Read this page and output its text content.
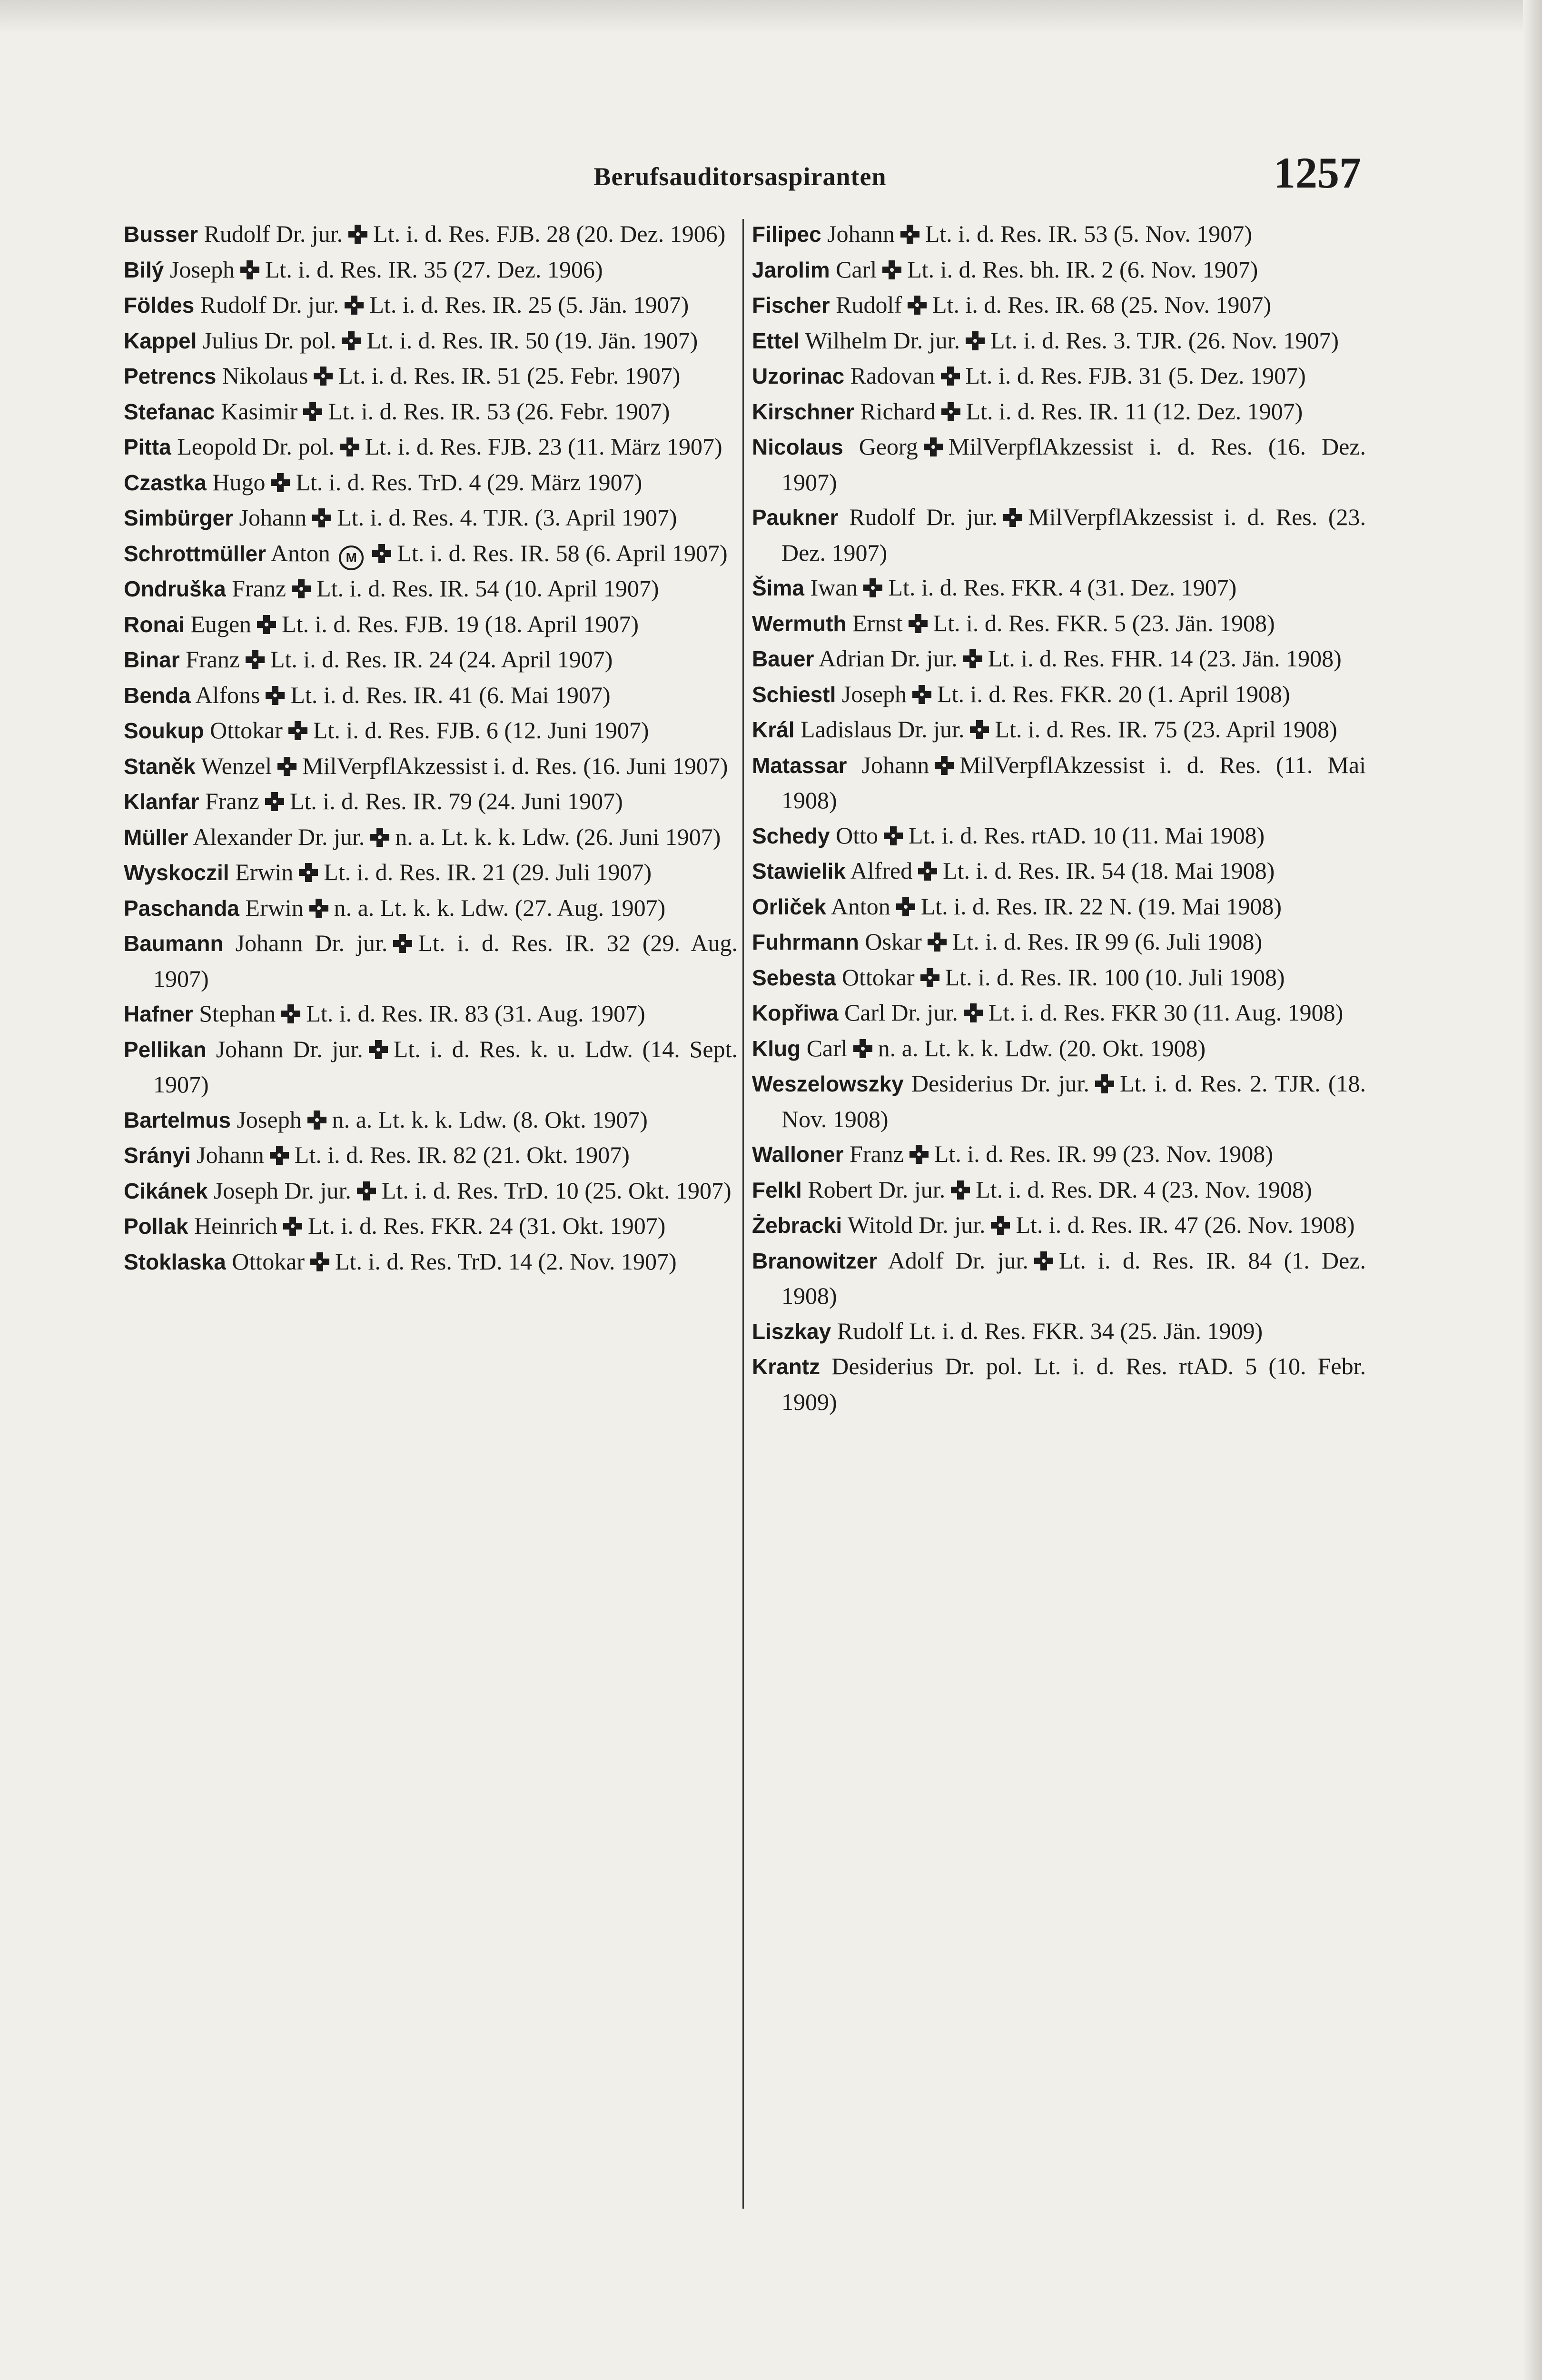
Berufsauditorsaspiranten	1257

Busser Rudolf Dr. jur. Lt. i. d. Res. FJB. 28 (20. Dez. 1906)

Bilý Joseph Lt. i. d. Res. IR. 35 (27. Dez. 1906)

Földes Rudolf Dr. jur. Lt. i. d. Res. IR. 25 (5. Jän. 1907)

Kappel Julius Dr. pol. Lt. i. d. Res. IR. 50 (19. Jän. 1907)

Petrencs Nikolaus Lt. i. d. Res. IR. 51 (25. Febr. 1907)

Stefanac Kasimir Lt. i. d. Res. IR. 53 (26. Febr. 1907)

Pitta Leopold Dr. pol. Lt. i. d. Res. FJB. 23 (11. März 1907)

Czastka Hugo Lt. i. d. Res. TrD. 4 (29. März 1907)

Simbürger Johann Lt. i. d. Res. 4. TJR. (3. April 1907)

Schrottmüller Anton M Lt. i. d. Res. IR. 58 (6. April 1907)

Ondruška Franz Lt. i. d. Res. IR. 54 (10. April 1907)

Ronai Eugen Lt. i. d. Res. FJB. 19 (18. April 1907)

Binar Franz Lt. i. d. Res. IR. 24 (24. April 1907)

Benda Alfons Lt. i. d. Res. IR. 41 (6. Mai 1907)

Soukup Ottokar Lt. i. d. Res. FJB. 6 (12. Juni 1907)

Staněk Wenzel MilVerpflAkzessist i. d. Res. (16. Juni 1907)

Klanfar Franz Lt. i. d. Res. IR. 79 (24. Juni 1907)

Müller Alexander Dr. jur. n. a. Lt. k. k. Ldw. (26. Juni 1907)

Wyskoczil Erwin Lt. i. d. Res. IR. 21 (29. Juli 1907)

Paschanda Erwin n. a. Lt. k. k. Ldw. (27. Aug. 1907)

Baumann Johann Dr. jur. Lt. i. d. Res. IR. 32 (29. Aug. 1907)

Hafner Stephan Lt. i. d. Res. IR. 83 (31. Aug. 1907)

Pellikan Johann Dr. jur. Lt. i. d. Res. k. u. Ldw. (14. Sept. 1907)

Bartelmus Joseph n. a. Lt. k. k. Ldw. (8. Okt. 1907)

Srányi Johann Lt. i. d. Res. IR. 82 (21. Okt. 1907)

Cikánek Joseph Dr. jur. Lt. i. d. Res. TrD. 10 (25. Okt. 1907)

Pollak Heinrich Lt. i. d. Res. FKR. 24 (31. Okt. 1907)

Stoklaska Ottokar Lt. i. d. Res. TrD. 14 (2. Nov. 1907)

Filipec Johann Lt. i. d. Res. IR. 53 (5. Nov. 1907)

Jarolim Carl Lt. i. d. Res. bh. IR. 2 (6. Nov. 1907)

Fischer Rudolf Lt. i. d. Res. IR. 68 (25. Nov. 1907)

Ettel Wilhelm Dr. jur. Lt. i. d. Res. 3. TJR. (26. Nov. 1907)

Uzorinac Radovan Lt. i. d. Res. FJB. 31 (5. Dez. 1907)

Kirschner Richard Lt. i. d. Res. IR. 11 (12. Dez. 1907)

Nicolaus Georg MilVerpflAkzessist i. d. Res. (16. Dez. 1907)

Paukner Rudolf Dr. jur. MilVerpflAkzessist i. d. Res. (23. Dez. 1907)

Šima Iwan Lt. i. d. Res. FKR. 4 (31. Dez. 1907)

Wermuth Ernst Lt. i. d. Res. FKR. 5 (23. Jän. 1908)

Bauer Adrian Dr. jur. Lt. i. d. Res. FHR. 14 (23. Jän. 1908)

Schiestl Joseph Lt. i. d. Res. FKR. 20 (1. April 1908)

Král Ladislaus Dr. jur. Lt. i. d. Res. IR. 75 (23. April 1908)

Matassar Johann MilVerpflAkzessist i. d. Res. (11. Mai 1908)

Schedy Otto Lt. i. d. Res. rtAD. 10 (11. Mai 1908)

Stawielik Alfred Lt. i. d. Res. IR. 54 (18. Mai 1908)

Orliček Anton Lt. i. d. Res. IR. 22 N. (19. Mai 1908)

Fuhrmann Oskar Lt. i. d. Res. IR 99 (6. Juli 1908)

Sebesta Ottokar Lt. i. d. Res. IR. 100 (10. Juli 1908)

Kopřiwa Carl Dr. jur. Lt. i. d. Res. FKR 30 (11. Aug. 1908)

Klug Carl n. a. Lt. k. k. Ldw. (20. Okt. 1908)

Weszelowszky Desiderius Dr. jur. Lt. i. d. Res. 2. TJR. (18. Nov. 1908)

Walloner Franz Lt. i. d. Res. IR. 99 (23. Nov. 1908)

Felkl Robert Dr. jur. Lt. i. d. Res. DR. 4 (23. Nov. 1908)

Żebracki Witold Dr. jur. Lt. i. d. Res. IR. 47 (26. Nov. 1908)

Branowitzer Adolf Dr. jur. Lt. i. d. Res. IR. 84 (1. Dez. 1908)

Liszkay Rudolf Lt. i. d. Res. FKR. 34 (25. Jän. 1909)

Krantz Desiderius Dr. pol. Lt. i. d. Res. rtAD. 5 (10. Febr. 1909)
